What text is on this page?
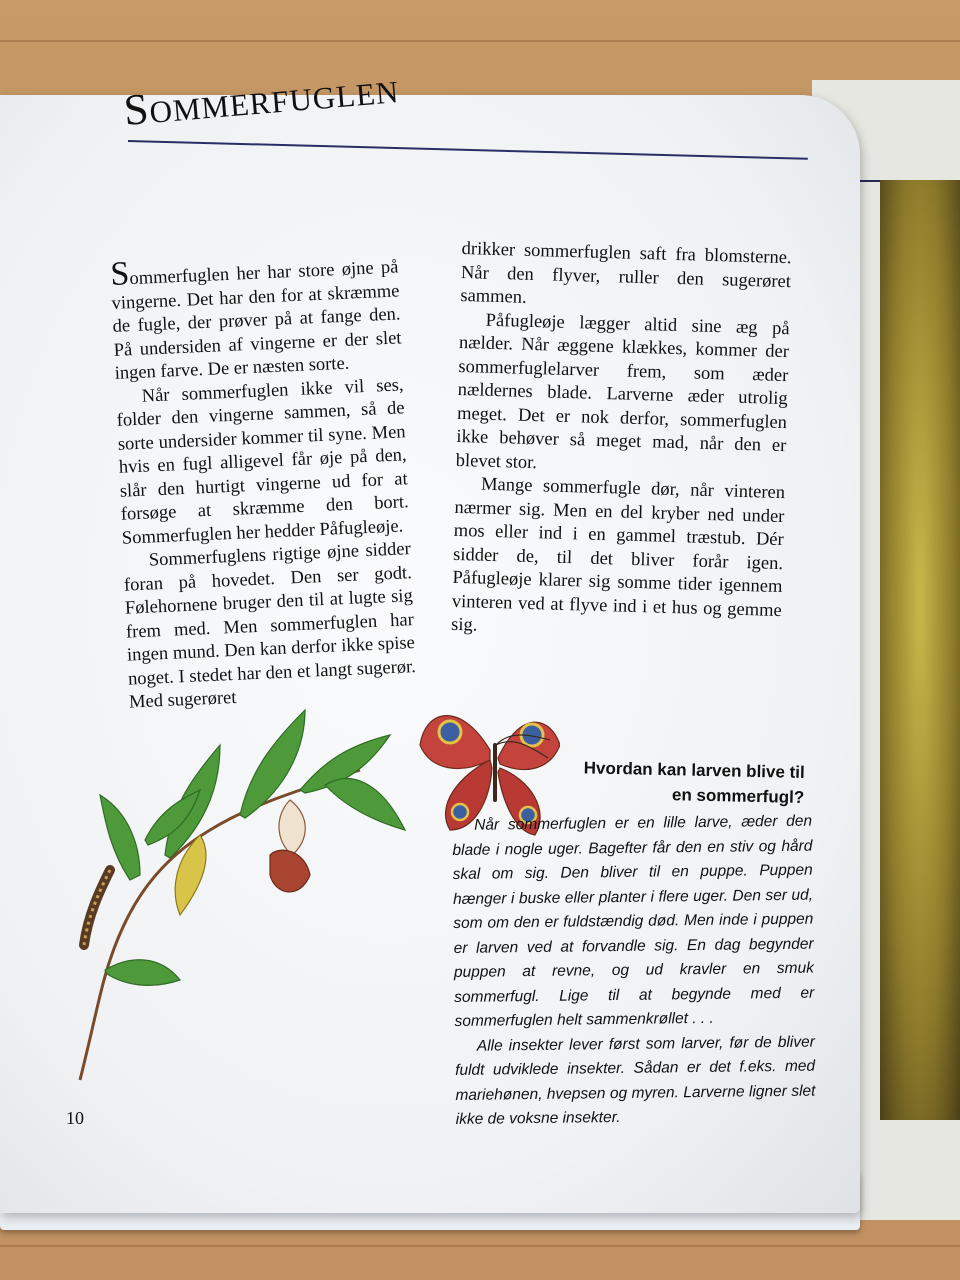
Sommerfuglen

Sommerfuglen her har store øjne på vingerne. Det har den for at skræmme de fugle, der prøver på at fange den. På undersiden af vingerne er der slet ingen farve. De er næsten sorte.

Når sommerfuglen ikke vil ses, folder den vingerne sammen, så de sorte undersider kommer til syne. Men hvis en fugl alligevel får øje på den, slår den hurtigt vingerne ud for at forsøge at skræmme den bort. Sommerfuglen her hedder Påfugleøje.

Sommerfuglens rigtige øjne sidder foran på hovedet. Den ser godt. Følehornene bruger den til at lugte sig frem med. Men sommerfuglen har ingen mund. Den kan derfor ikke spise noget. I stedet har den et langt sugerør. Med sugerøret

drikker sommerfuglen saft fra blomsterne. Når den flyver, ruller den sugerøret sammen.

Påfugleøje lægger altid sine æg på nælder. Når æggene klækkes, kommer der sommerfuglelarver frem, som æder nældernes blade. Larverne æder utrolig meget. Det er nok derfor, sommerfuglen ikke behøver så meget mad, når den er blevet stor.

Mange sommerfugle dør, når vinteren nærmer sig. Men en del kryber ned under mos eller ind i en gammel træstub. Dér sidder de, til det bliver forår igen. Påfugleøje klarer sig somme tider igennem vinteren ved at flyve ind i et hus og gemme sig.

Hvordan kan larven blive til en sommerfugl?

Når sommerfuglen er en lille larve, æder den blade i nogle uger. Bagefter får den en stiv og hård skal om sig. Den bliver til en puppe. Puppen hænger i buske eller planter i flere uger. Den ser ud, som om den er fuldstændig død. Men inde i puppen er larven ved at forvandle sig. En dag begynder puppen at revne, og ud kravler en smuk sommerfugl. Lige til at begynde med er sommerfuglen helt sammenkrøllet . . .

Alle insekter lever først som larver, før de bliver fuldt udviklede insekter. Sådan er det f.eks. med mariehønen, hvepsen og myren. Larverne ligner slet ikke de voksne insekter.

10
